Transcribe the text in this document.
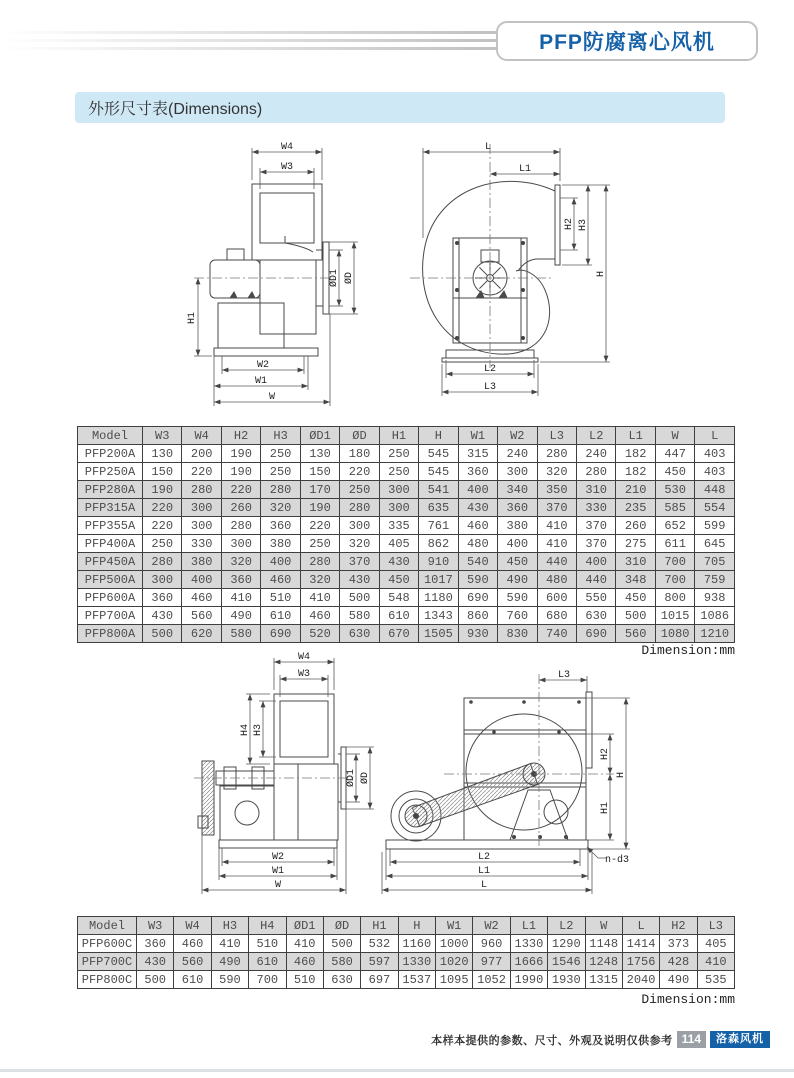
PFP防腐离心风机
外形尺寸表(Dimensions)
W4
W3
H1
ØD1 ØD
W2
W1
W
L
L1
H2 H3
H
L2
L3
Model	W3	W4	H2	H3	ØD1	ØD	H1	H	W1	W2	L3	L2	L1	W	L
PFP200A	130	200	190	250	130	180	250	545	315	240	280	240	182	447	403
PFP250A	150	220	190	250	150	220	250	545	360	300	320	280	182	450	403
PFP280A	190	280	220	280	170	250	300	541	400	340	350	310	210	530	448
PFP315A	220	300	260	320	190	280	300	635	430	360	370	330	235	585	554
PFP355A	220	300	280	360	220	300	335	761	460	380	410	370	260	652	599
PFP400A	250	330	300	380	250	320	405	862	480	400	410	370	275	611	645
PFP450A	280	380	320	400	280	370	430	910	540	450	440	400	310	700	705
PFP500A	300	400	360	460	320	430	450	1017	590	490	480	440	348	700	759
PFP600A	360	460	410	510	410	500	548	1180	690	590	600	550	450	800	938
PFP700A	430	560	490	610	460	580	610	1343	860	760	680	630	500	1015	1086
PFP800A	500	620	580	690	520	630	670	1505	930	830	740	690	560	1080	1210
Dimension:mm
W4
W3
H4 H3
ØD1 ØD
W2
W1
W
L3
H2
H1
H
L2
L1
L
n-d3
Model	W3	W4	H3	H4	ØD1	ØD	H1	H	W1	W2	L1	L2	W	L	H2	L3
PFP600C	360	460	410	510	410	500	532	1160	1000	960	1330	1290	1148	1414	373	405
PFP700C	430	560	490	610	460	580	597	1330	1020	977	1666	1546	1248	1756	428	410
PFP800C	500	610	590	700	510	630	697	1537	1095	1052	1990	1930	1315	2040	490	535
Dimension:mm
本样本提供的参数、尺寸、外观及说明仅供参考 114	洛森风机
